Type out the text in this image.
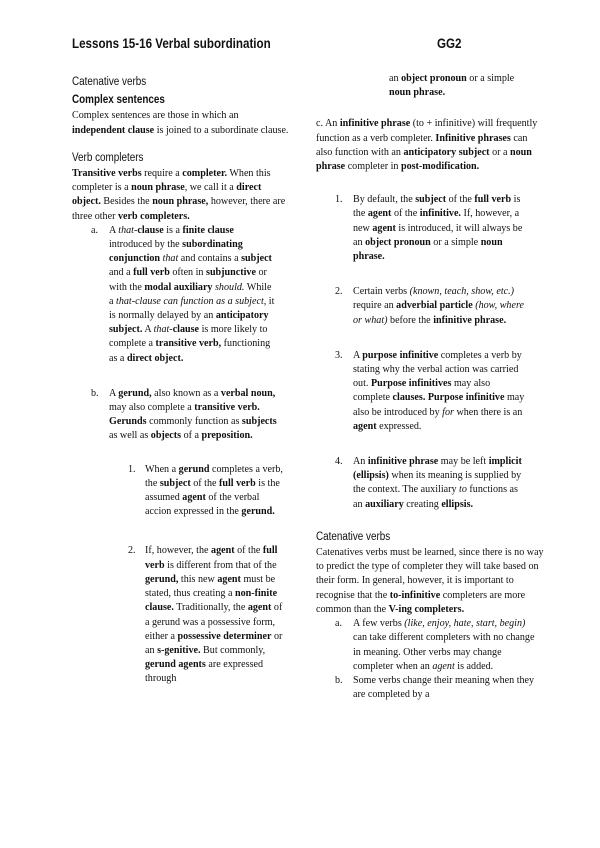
Lessons 15-16 Verbal subordination	GG2
Catenative verbs
Complex sentences

Complex sentences are those in which an independent clause is joined to a subordinate clause.

Verb completers

Transitive verbs require a completer. When this completer is a noun phrase, we call it a direct object. Besides the noun phrase, however, there are three other verb completers.

a. A that-clause is a finite clause introduced by the subordinating conjunction that and contains a subject and a full verb often in subjunctive or with the modal auxiliary should. While a that-clause can function as a subject, it is normally delayed by an anticipatory subject. A that-clause is more likely to complete a transitive verb, functioning as a direct object.

b. A gerund, also known as a verbal noun, may also complete a transitive verb. Gerunds commonly function as subjects as well as objects of a preposition.

1. When a gerund completes a verb, the subject of the full verb is the assumed agent of the verbal accion expressed in the gerund.

2. If, however, the agent of the full verb is different from that of the gerund, this new agent must be stated, thus creating a non-finite clause. Traditionally, the agent of a gerund was a possessive form, either a possessive determiner or an s-genitive. But commonly, gerund agents are expressed through

an object pronoun or a simple noun phrase.

c. An infinitive phrase (to + infinitive) will frequently function as a verb completer. Infinitive phrases can also function with an anticipatory subject or a noun phrase completer in post-modification.

1. By default, the subject of the full verb is the agent of the infinitive. If, however, a new agent is introduced, it will always be an object pronoun or a simple noun phrase.

2. Certain verbs (known, teach, show, etc.) require an adverbial particle (how, where or what) before the infinitive phrase.

3. A purpose infinitive completes a verb by stating why the verbal action was carried out. Purpose infinitives may also complete clauses. Purpose infinitive may also be introduced by for when there is an agent expressed.

4. An infinitive phrase may be left implicit (ellipsis) when its meaning is supplied by the context. The auxiliary to functions as an auxiliary creating ellipsis.

Catenative verbs

Catenatives verbs must be learned, since there is no way to predict the type of completer they will take based on their form. In general, however, it is important to recognise that the to-infinitive completers are more common than the V-ing completers.

a. A few verbs (like, enjoy, hate, start, begin) can take different completers with no change in meaning. Other verbs may change completer when an agent is added.

b. Some verbs change their meaning when they are completed by a
